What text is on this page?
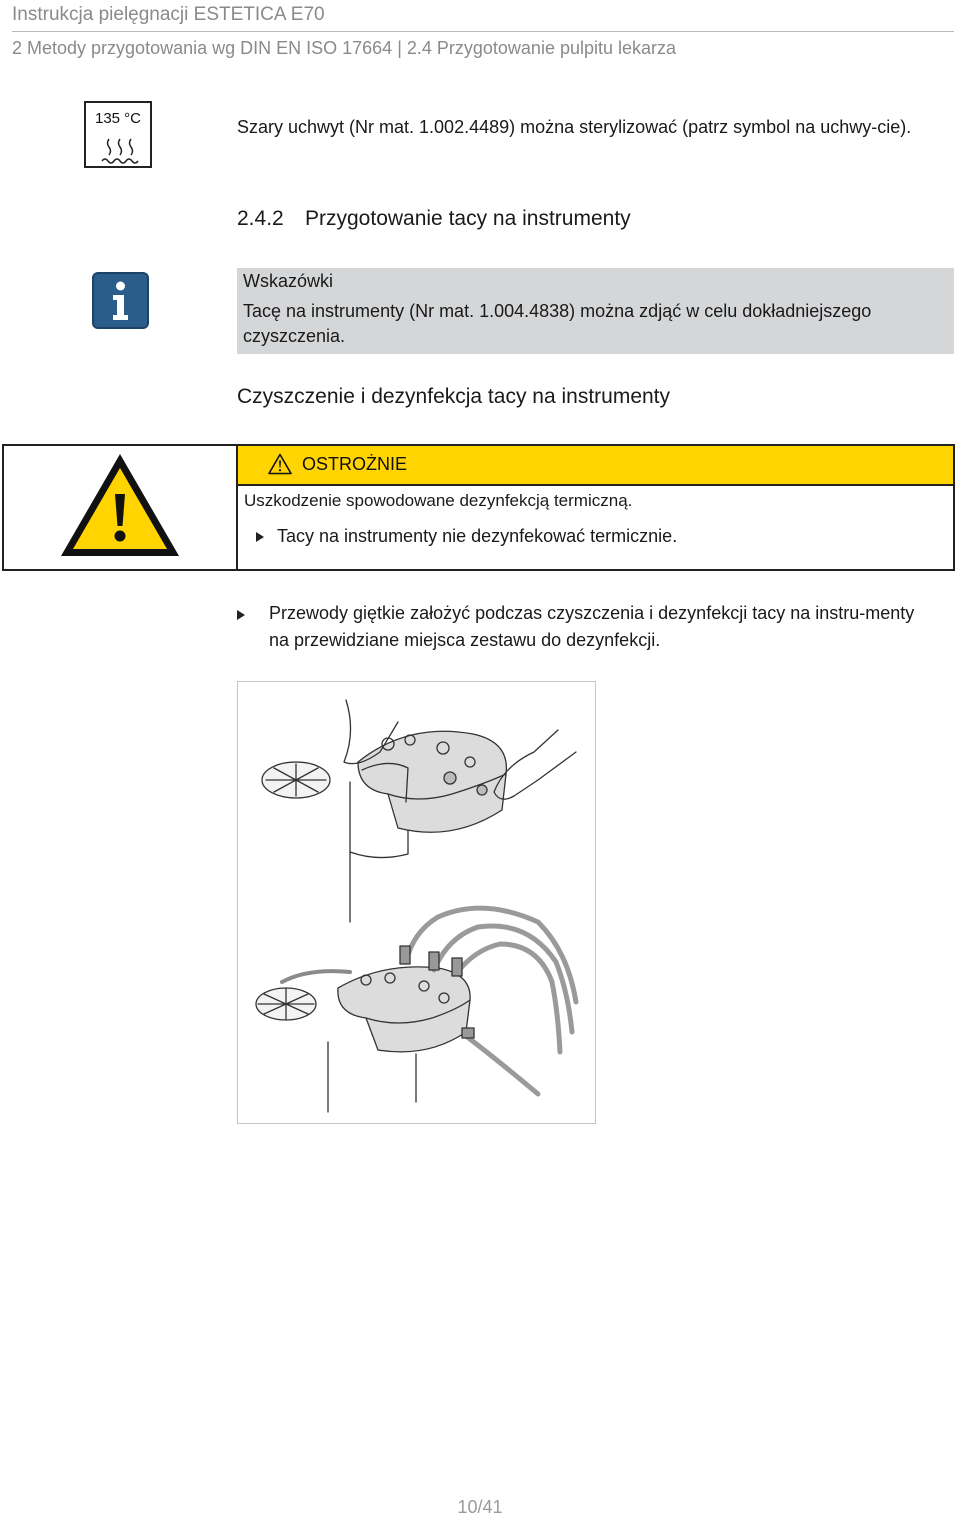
Instrukcja pielęgnacji ESTETICA E70
2 Metody przygotowania wg DIN EN ISO 17664 | 2.4 Przygotowanie pulpitu lekarza
135 °C	Szary uchwyt (Nr mat. 1.002.4489) można sterylizować (patrz symbol na uchwy-cie).
2.4.2 Przygotowanie tacy na instrumenty
Wskazówki
Tacę na instrumenty (Nr mat. 1.004.4838) można zdjąć w celu dokładniejszego czyszczenia.
Czyszczenie i dezynfekcja tacy na instrumenty
OSTROŻNIE
Uszkodzenie spowodowane dezynfekcją termiczną.
Tacy na instrumenty nie dezynfekować termicznie.
Przewody giętkie założyć podczas czyszczenia i dezynfekcji tacy na instru-menty na przewidziane miejsca zestawu do dezynfekcji.
10/41
